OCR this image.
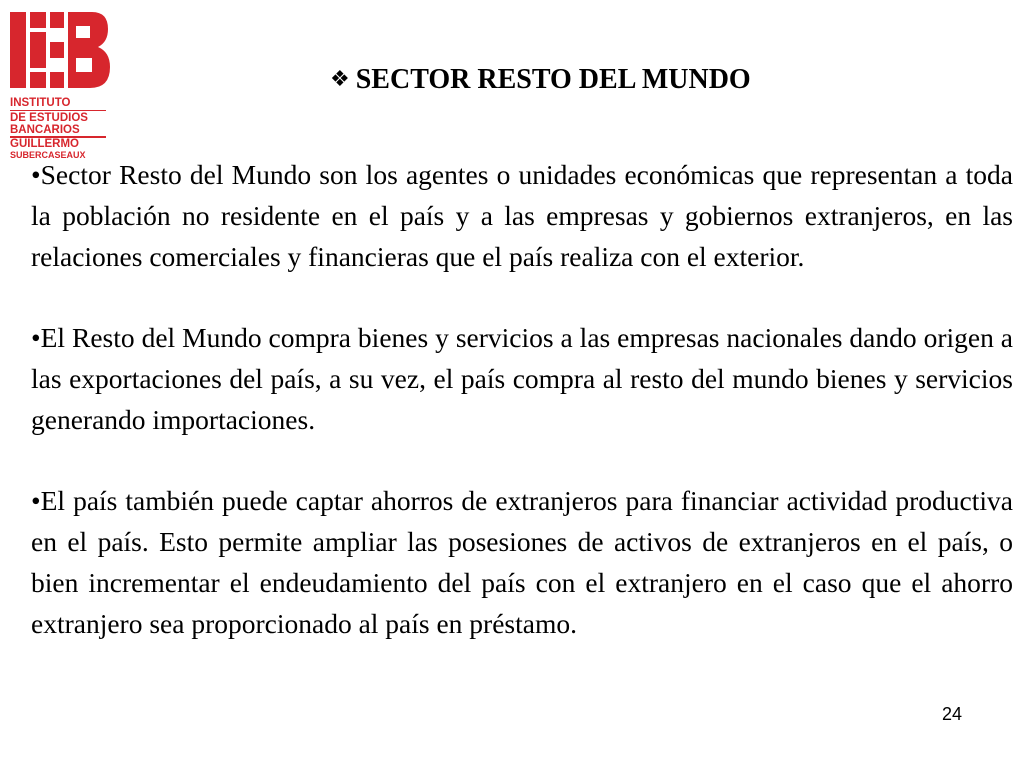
INSTITUTO
DE ESTUDIOS
BANCARIOS
GUILLERMO
SUBERCASEAUX
❖ SECTOR RESTO DEL MUNDO

•Sector Resto del Mundo son los agentes o unidades económicas que representan a toda la población no residente en el país y a las empresas y gobiernos extranjeros, en las relaciones comerciales y financieras que el país realiza con el exterior.

•El Resto del Mundo compra bienes y servicios a las empresas nacionales dando origen a las exportaciones del país, a su vez, el país compra al resto del mundo bienes y servicios generando importaciones.

•El país también puede captar ahorros de extranjeros para financiar actividad productiva en el país. Esto permite ampliar las posesiones de activos de extranjeros en el país, o bien incrementar el endeudamiento del país con el extranjero en el caso que el ahorro extranjero sea proporcionado al país en préstamo.

24
